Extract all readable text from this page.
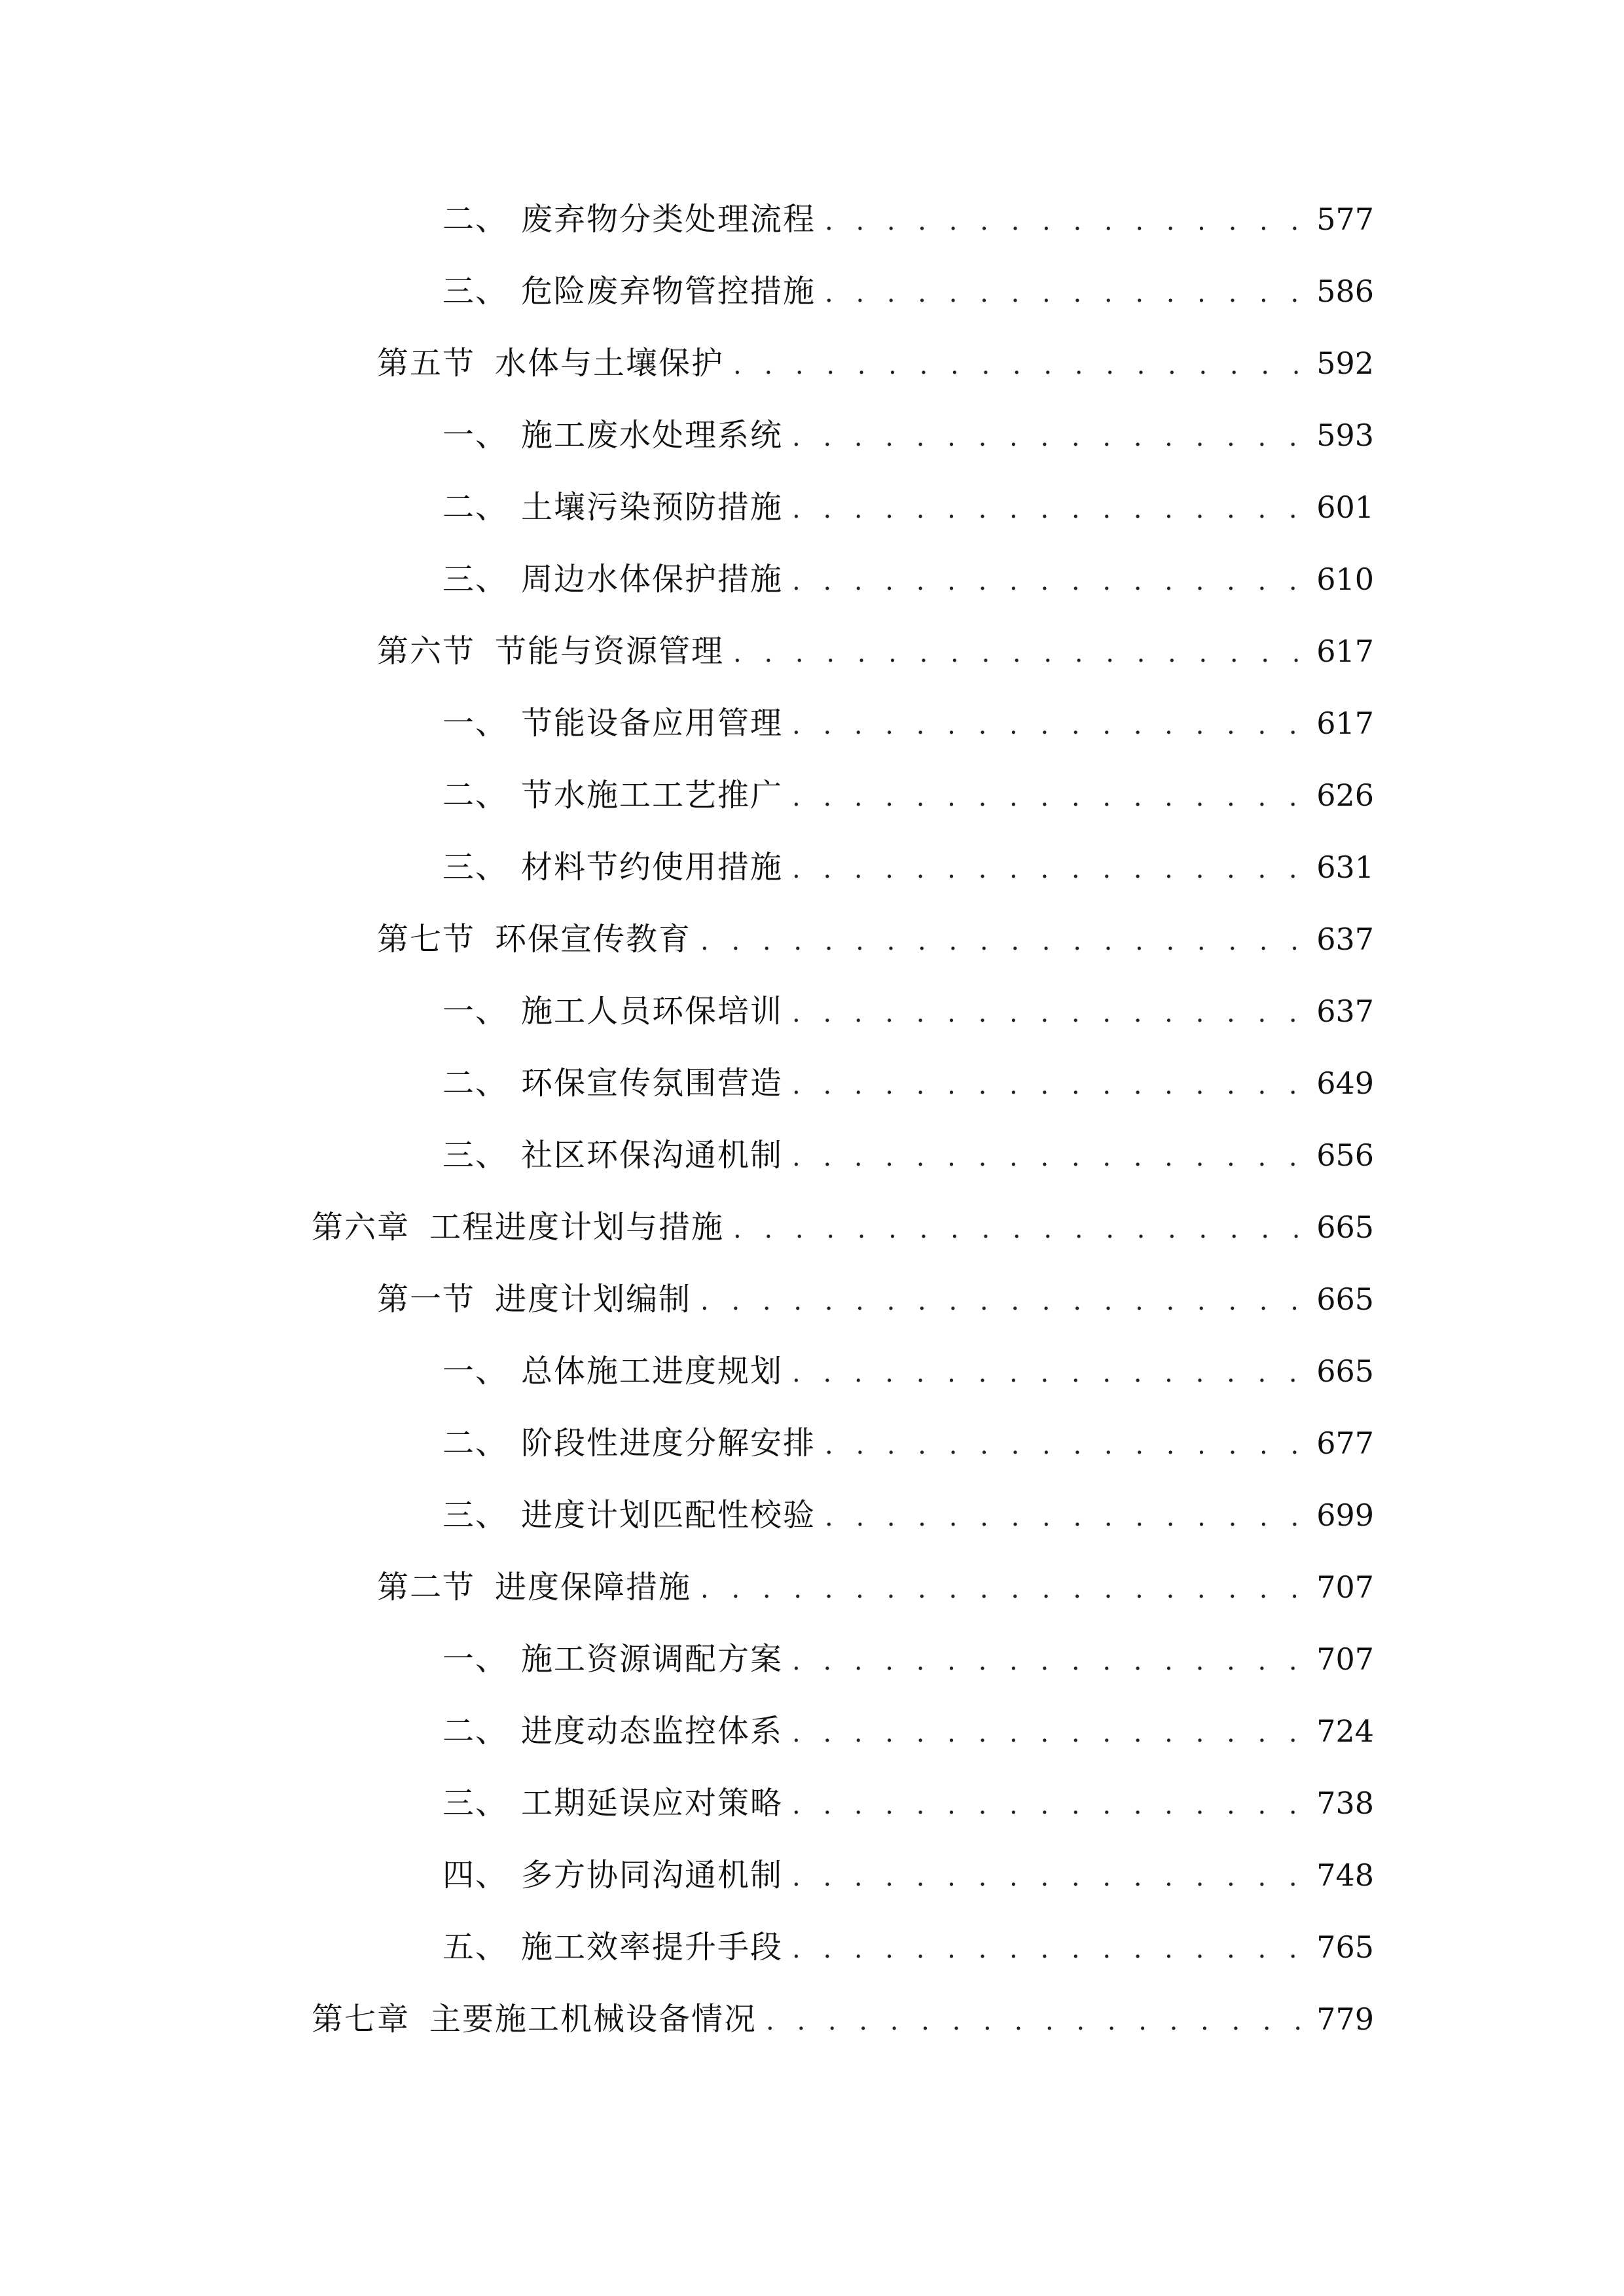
二、 废弃物分类处理流程 . . .	577
三、 危险废弃物管控措施 . . .	586
第五节 水体与土壤保护 . . .	592
一、 施工废水处理系统 . . .	593
二、 土壤污染预防措施 . . .	601
三、 周边水体保护措施 . . .	610
第六节 节能与资源管理 . . .	617
一、 节能设备应用管理 . . .	617
二、 节水施工工艺推广 . . .	626
三、 材料节约使用措施 . . .	631
第七节 环保宣传教育 . . .	637
一、 施工人员环保培训 . . .	637
二、 环保宣传氛围营造 . . .	649
三、 社区环保沟通机制 . . .	656
第六章 工程进度计划与措施 . . .	665
第一节 进度计划编制 . . .	665
一、 总体施工进度规划 . . .	665
二、 阶段性进度分解安排 . . .	677
三、 进度计划匹配性校验 . . .	699
第二节 进度保障措施 . . .	707
一、 施工资源调配方案 . . .	707
二、 进度动态监控体系 . . .	724
三、 工期延误应对策略 . . .	738
四、 多方协同沟通机制 . . .	748
五、 施工效率提升手段 . . .	765
第七章 主要施工机械设备情况 . . .	779
